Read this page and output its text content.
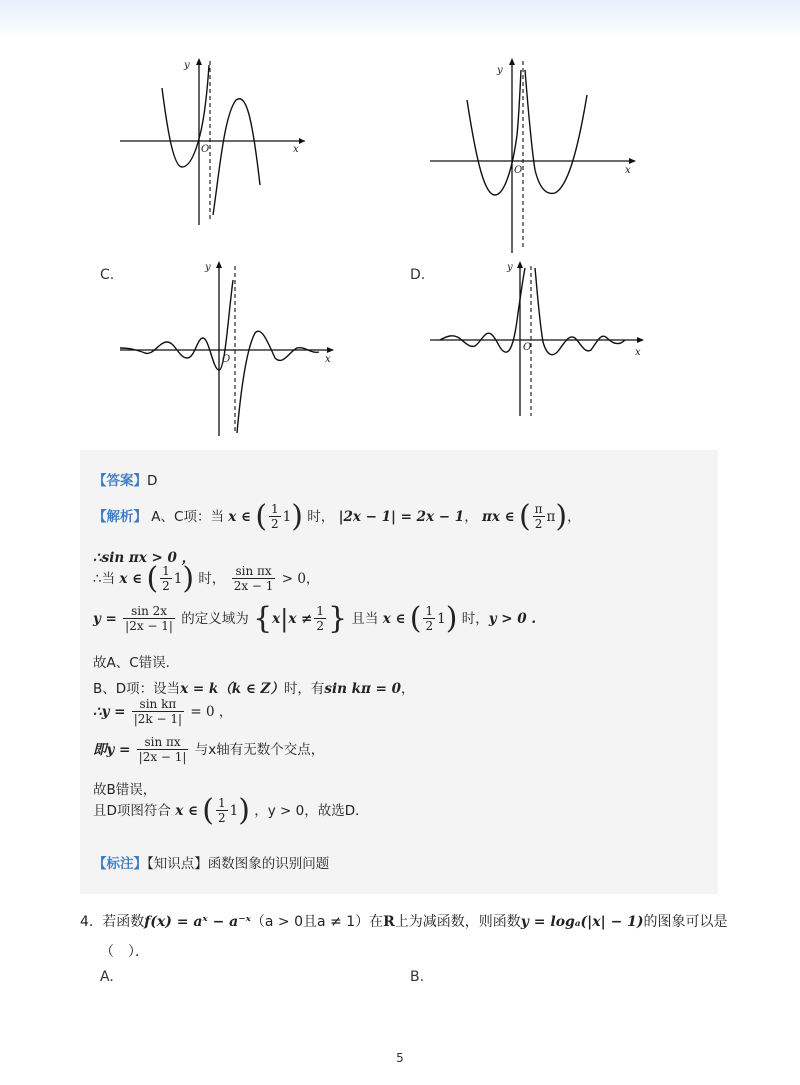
y
x
O
y
x
O
C.	y
x
O
D.	y
x
O
【答案】D
【解析】 A、C项：当 x ∈ ( $\frac{1}{2} 1$) 时， |2x − 1| = 2x − 1， πx ∈ ( $\frac{\pi}{2} \pi$)，
∴sin πx > 0 ，
∴当 x ∈ ( $\frac{1}{2} 1$) 时， $\frac{\text{sin πx}}{2x - 1} > 0$，
$y = \frac{\sin 2x}{|2x - 1|}$ 的定义域为 {$x|x \ne \frac{1}{2}$ } 且当 x ∈ ( $\frac{1}{2} 1$) 时，y > 0 .
故A、C错误．
B、D项：设当x = k（k ∈ Z）时，有sin kπ = 0，
∴y = $\frac{\text{sin kπ}}{|2k - 1|} = 0$ ，
即$y = \frac{\text{sin πx}}{|2x - 1|}$ 与x轴有无数个交点，
故B错误，
且D项图符合 x ∈ ( $\frac{1}{2} 1$) ，y > 0，故选D．
【标注】【知识点】函数图象的识别问题
4. 若函数f(x) = aˣ − a⁻ˣ（a > 0且a ≠ 1）在R上为减函数，则函数y = logₐ(|x| − 1)的图象可以是
（　）．
A.	B.
5
